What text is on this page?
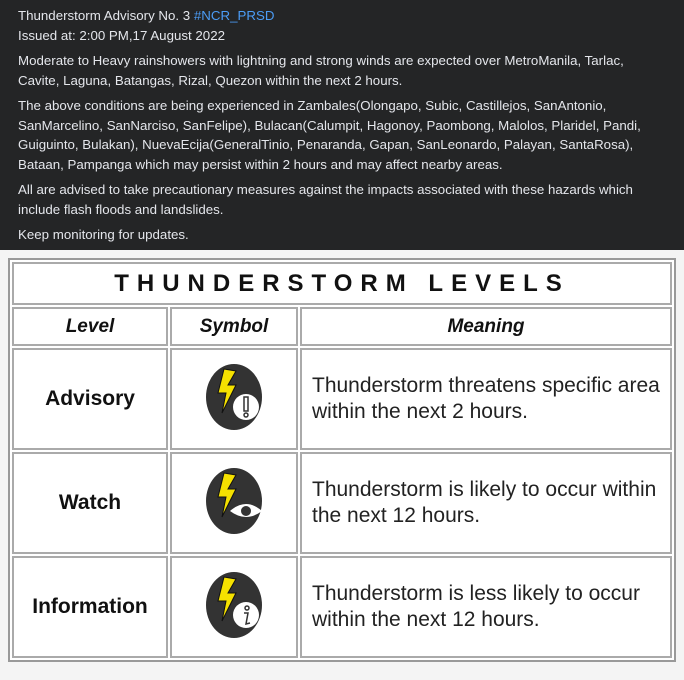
Thunderstorm Advisory No. 3 #NCR_PRSD
Issued at: 2:00 PM,17 August 2022

Moderate to Heavy rainshowers with lightning and strong winds are expected over MetroManila, Tarlac, Cavite, Laguna, Batangas, Rizal, Quezon within the next 2 hours.

The above conditions are being experienced in Zambales(Olongapo, Subic, Castillejos, SanAntonio, SanMarcelino, SanNarciso, SanFelipe), Bulacan(Calumpit, Hagonoy, Paombong, Malolos, Plaridel, Pandi, Guiguinto, Bulakan), NuevaEcija(GeneralTinio, Penaranda, Gapan, SanLeonardo, Palayan, SantaRosa), Bataan, Pampanga which may persist within 2 hours and may affect nearby areas.

All are advised to take precautionary measures against the impacts associated with these hazards which include flash floods and landslides.

Keep monitoring for updates.

THUNDERSTORM LEVELS		
Level	Symbol	Meaning
Advisory		Thunderstorm threatens specific area within the next 2 hours.
Watch		Thunderstorm is likely to occur within the next 12 hours.
Information		Thunderstorm is less likely to occur within the next 12 hours.
